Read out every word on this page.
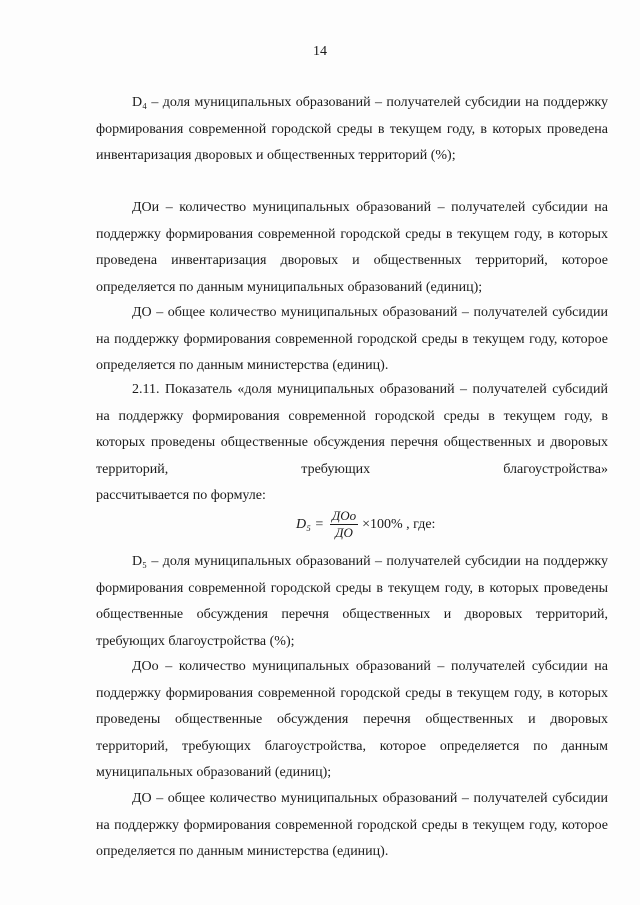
14

D₄ – доля муниципальных образований – получателей субсидии на поддержку формирования современной городской среды в текущем году, в которых проведена инвентаризация дворовых и общественных территорий (%);

ДОи – количество муниципальных образований – получателей субсидии на поддержку формирования современной городской среды в текущем году, в которых проведена инвентаризация дворовых и общественных территорий, которое определяется по данным муниципальных образований (единиц);

ДО – общее количество муниципальных образований – получателей субсидии на поддержку формирования современной городской среды в текущем году, которое определяется по данным министерства (единиц).

2.11. Показатель «доля муниципальных образований – получателей субсидий на поддержку формирования современной городской среды в текущем году, в которых проведены общественные обсуждения перечня общественных и дворовых территорий, требующих благоустройства»

рассчитывается по формуле:

$D_5 = \frac{\text{ДОо}}{ДО} \times 100\%$ , где:

D₅ – доля муниципальных образований – получателей субсидии на поддержку формирования современной городской среды в текущем году, в которых проведены общественные обсуждения перечня общественных и дворовых территорий, требующих благоустройства (%);

ДОо – количество муниципальных образований – получателей субсидии на поддержку формирования современной городской среды в текущем году, в которых проведены общественные обсуждения перечня общественных и дворовых территорий, требующих благоустройства, которое определяется по данным муниципальных образований (единиц);

ДО – общее количество муниципальных образований – получателей субсидии на поддержку формирования современной городской среды в текущем году, которое определяется по данным министерства (единиц).
